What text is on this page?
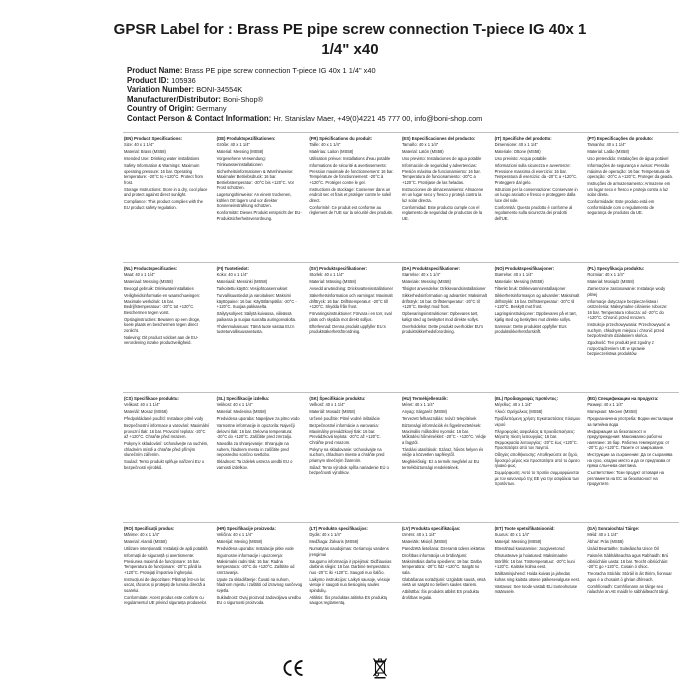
GPSR Label for : Brass PE pipe screw connection T-piece IG 40x 1
1/4" x40
Product Name: Brass PE pipe screw connection T-piece IG 40x 1 1/4" x40
Product ID: 105936
Variation Number: BONI-34554K
Manufacturer/Distributor: Boni-Shop®
Country of Origin: Germany
Contact Person & Contact Information: Hr. Stanislav Maer, +49(0)4221 45 777 00, info@boni-shop.com
(EN) Product Specifications:

Size: 40 x 1 1/4"

Material: Brass (MS58)

Intended Use: Drinking water installations

Safety Information & Warnings: Maximum operating pressure: 16 bar. Operating temperature: -20°C to +120°C. Protect from frost.

Storage Instructions: Store in a dry, cool place and protect against direct sunlight.

Compliance: This product complies with the EU product safety regulation.

(DE) Produktspezifikationen:

Größe: 40 x 1 1/4"

Material: Messing (MS58)

Vorgesehene Verwendung: Trinkwasserinstallationen

Sicherheitsinformationen & Warnhinweise: Maximaler Betriebsdruck: 16 bar. Betriebstemperatur: -20°C bis +120°C. Vor Frost schützen.

Lagerungshinweise: An einem trockenen, kühlen Ort lagern und vor direkter Sonneneinstrahlung schützen.

Konformität: Dieses Produkt entspricht der EU-Produktsicherheitsverordnung.

(FR) Spécifications du produit:

Taille: 40 x 1 1/4"

Matériau: Laiton (MS58)

Utilisation prévue: Installations d'eau potable

Informations de sécurité & avertissements: Pression maximale de fonctionnement: 16 bar. Température de fonctionnement: -20°C à +120°C. Protéger contre le gel.

Instructions de stockage: Conserver dans un endroit sec et frais et protéger contre le soleil direct.

Conformité: Ce produit est conforme au règlement de l'UE sur la sécurité des produits.

(ES) Especificaciones del producto:

Tamaño: 40 x 1 1/4"

Material: Latón (MS58)

Uso previsto: Instalaciones de agua potable

Información de seguridad y advertencias: Presión máxima de funcionamiento: 16 bar. Temperatura de funcionamiento: -20°C a +120°C. Protéjase de las heladas.

Instrucciones de almacenamiento: Almacene en un lugar seco y fresco y protejá contra la luz solar directa.

Conformidad: Este producto cumple con el reglamento de seguridad de productos de la UE.

(IT) Specifiche del prodotto:

Dimensione: 40 x 1 1/4"

Materiale: Ottone (MS58)

Uso previsto: Acqua potabile

Informazioni sulla sicurezza e avvertenze: Pressione massima di esercizio: 16 bar. Temperatura di esercizio: da -20°C a +120°C. Proteggere dal gelo.

Istruzioni per la conservazione: Conservare in un luogo asciutto e fresco e proteggere dalla luce del sole.

Conformità: Questo prodotto è conforme al regolamento sulla sicurezza dei prodotti dell'UE.

(PT) Especificações do produto:

Tamanho: 40 x 1 1/4"

Material: Latão (MS58)

Uso pretendido: Instalações de água potável

Informações de segurança e avisos: Pressão máxima de operação: 16 bar. Temperatura de operação: -20°C a +120°C. Proteger da geada.

Instruções de armazenamento: Armazene em um lugar seco e fresco e proteja contra a luz solar direta.

Conformidade: Este produto está em conformidade com o regulamento de segurança de produtos da UE.

(NL) Productspecificaties:

Maat: 40 x 1 1/4"

Materiaal: Messing (MS58)

Beoogd gebruik: Drinkwaterinstallaties

Veiligheidsinformatie en waarschuwingen: Maximale werkdruk: 16 bar. Bedrijfstemperatuur: -20°C tot +120°C. Beschermen tegen vorst.

Opslaginstructies: Bewaren op een droge, koele plaats en beschermen tegen direct zonlicht.

Naleving: Dit product voldoet aan de EU-verordening inzake productveiligheid.

(FI) Tuotetiedot:

Koko: 40 x 1 1/4"

Materiaali: Messinki (MS58)

Tarkoitettu käyttö: Vesijohtoasennukset

Turvallisuustiedot ja varoitukset: Maksimi käyttöpaine: 16 bar. Käyttölämpötila: -20°C - +120°C. Suojaa pakkaselta.

Säilytysohjeet: Säilytä kuivassa, viileässä paikassa ja suojaa suoralta auringonvalolta.

Yhdenmukaisuus: Tämä tuote vastaa EU:n tuoteturvallisuusasetusta.

(SV) Produktspecifikationer:

Storlek: 40 x 1 1/4"

Material: Mässing (MS58)

Avsedd användning: Dricksvatteninstallationer

Säkerhetsinformation och varningar: Maximalt drifttryck: 16 bar. Driftstemperatur: -20°C till +120°C. Skydda från frost.

Förvaringsinstruktioner: Förvara i en torr, sval plats och skydda mot direkt solljus.

Efterlevnad: Denna produkt uppfyller EU:s produktsäkerhetsförordning.

(DA) Produktspecifikationer:

Størrelse: 40 x 1 1/4"

Materiale: Messing (MS58)

Tilsigtet anvendelse: Drikkevandsinstallationer

Sikkerhedsinformation og advarsler: Maksimalt driftstryk: 16 bar. Driftstemperatur: -20°C til +120°C. Beskyt mod frost.

Opbevaringsinstruktioner: Opbevares tørt, køligt sted og beskyttet mod direkte sollys.

Overholdelse: Dette produkt overholder EU's produktsikkerhedsforordning.

(NO) Produktspesifikasjoner:

Størrelse: 40 x 1 1/4"

Materiale: Messing (MS58)

Tiltenkt bruk: Drikkevannsinstallasjoner

Sikkerhetsinformasjon og advarsler: Maksimalt driftstrykk: 16 bar. Driftstemperatur: -20°C til +120°C. Beskytt mot frost.

Lagringsinstruksjoner: Oppbevares på et tørt, kjølig sted og beskyttes mot direkte sollys.

Samsvar: Dette produktet oppfyller EUs produktsikkerhetsforskrift.

(PL) Specyfikacja produktu:

Rozmiar: 40 x 1 1/4"

Materiał: Mosiądz (MS58)

Zamierzone zastosowanie: Instalacje wody pitnej

Informacje dotyczące bezpieczeństwa i ostrzeżenia: Maksymalne ciśnienie robocze: 16 bar. Temperatura robocza: od -20°C do +120°C. Chronić przed mrozem.

Instrukcje przechowywania: Przechowywać w suchym, chłodnym miejscu i chronić przed bezpośrednim działaniem słońca.

Zgodność: Ten produkt jest zgodny z rozporządzeniem UE w sprawie bezpieczeństwa produktów.

(CS) Specifikace produktu:

Velikost: 40 x 1 1/4"

Materiál: Mosaz (MS58)

Předpokládané použití: Instalace pitné vody

Bezpečnostní informace a varování: Maximální provozní tlak: 16 bar. Provozní teplota: -20°C až +120°C. Chraňte před mrazem.

Pokyny k skladování: Uchovávejte na suchém, chladném místě a chraňte před přímým slunečním zářením.

Soulad: Tento produkt splňuje nařízení EU o bezpečnosti výrobků.

(SL) Specifikacije izdelka:

Velikost: 40 x 1 1/4"

Material: Medenina (MS58)

Predvidena uporaba: Napeljave za pitno vodo

Varnostne informacije in opozorila: Največji delovni tlak: 16 bar. Delovna temperatura: -20°C do +120°C. Zaščitite pred zmrzaljo.

Navodila za shranjevanje: Shranjujte na suhem, hladnem mestu in zaščitite pred neposredno sončno svetlobo.

Skladnost: Ta izdelek ustreza uredbi EU o varnosti izdelkov.

(SK) Špecifikácie produktu:

Veľkosť: 40 x 1 1/4"

Materiál: Mosadz (MS58)

Určené použitie: Pitné vodné inštalácie

Bezpečnostné informácie a varovania: Maximálny prevádzkový tlak: 16 bar. Prevádzková teplota: -20°C až +120°C. Chráňte pred mrazom.

Pokyny na skladovanie: Uchovávajte na suchom, chladnom mieste a chráňte pred priamym slnečným žiarením.

Súlad: Tento výrobok spĺňa nariadenie EÚ o bezpečnosti výrobkov.

(HU) Termékjellemzők:

Méret: 40 x 1 1/4"

Anyag: Sárgaréz (MS58)

Tervezett felhasználás: Ivóvíz telepítések

Biztonsági információk és figyelmeztetések: Maximális működési nyomás: 16 bar. Működési hőmérséklet: -20°C - +120°C. Védje a fagytól.

Tárolási utasítások: Száraz, hűvös helyen és védje a közvetlen napfénytől.

Megfelelőség: Ez a termék megfelel az EU termékbiztonsági rendeletének.

(EL) Προδιαγραφές προϊόντος:

Μέγεθος: 40 x 1 1/4"

Υλικό: Ορείχαλκος (MS58)

Προβλεπόμενη χρήση: Εγκαταστάσεις πόσιμου νερού

Πληροφορίες ασφαλείας & προειδοποιήσεις: Μέγιστη πίεση λειτουργίας: 16 bar. Θερμοκρασία λειτουργίας: -20°C έως +120°C. Προστατέψτε από τον παγετό.

Οδηγίες αποθήκευσης: Αποθηκεύστε σε ξηρό, δροσερό μέρος και προστατέψτε από το άμεσο ηλιακό φως.

Συμμόρφωση: Αυτό το προϊόν συμμορφώνεται με τον κανονισμό της ΕΕ για την ασφάλεια των προϊόντων.

(BG) Спецификации на продукта:

Размер: 40 x 1 1/4"

Материал: Месинг (MS58)

Предназначена употреба: Водни инсталации за питейна вода

Информация за безопасност и предупреждения: Максимално работно налягане: 16 бар. Работна температура: от -20°C до +120°C. Пазете от замръзване.

Инструкции за съхранение: Да се съхранява на сухо, хладно място и да се предпазва от пряка слънчева светлина.

Съответствие: Този продукт отговаря на регламента на ЕС за безопасност на продуктите.

(RO) Specificații produs:

Mărime: 40 x 1 1/4"

Material: Alamă (MS58)

Utilizare intenționată: Instalații de apă potabilă

Informații de siguranță și avertismente: Presiunea maximă de funcționare: 16 bar. Temperatura de funcționare: -20°C până la +120°C. Protejați împotriva înghețului.

Instrucțiuni de depozitare: Păstrați într-un loc uscat, răcoros și protejați de lumina directă a soarelui.

Conformitate: Acest produs este conform cu regulamentul UE privind siguranța produselor.

(HR) Specifikacije proizvoda:

Veličina: 40 x 1 1/4"

Materijal: Mesing (MS58)

Predviđena uporaba: Instalacije pitke vode

Sigurnosne informacije i upozorenja: Maksimalni radni tlak: 16 bar. Radna temperatura: -20°C do +120°C. Zaštitite od smrzavanja.

Upute za skladištenje: Čuvati na suhom, hladnom mjestu i zaštititi od izravnog sunčevog svjetla.

Sukladnost: Ovaj proizvod zadovoljava uredbu EU o sigurnosti proizvoda.

(LT) Produkto specifikacijos:

Dydis: 40 x 1 1/4"

Medžiaga: Žalvaris (MS58)

Numatytas naudojimas: Geriamojo vandens įrengimai

Saugumo informacija ir įspėjimai: Didžiausias darbinis slėgis: 16 bar. Darbinė temperatūra: nuo -20°C iki +120°C. Saugoti nuo šalčio.

Laikymo instrukcijos: Laikyti sausoje, vėsioje vietoje ir saugoti nuo tiesioginių saulės spindulių.

Atitiktis: Šis produktas atitinka ES produktų saugos reglamentą.

(LV) Produkta specifikācijas:

Izmērs: 40 x 1 1/4"

Materiāls: Misiņš (MS58)

Paredzētā lietošana: Dzeramā ūdens iekārtas

Drošības informācija un brīdinājumi: Maksimālais darba spiediens: 16 bar. Darba temperatūra: -20°C līdz +120°C. Sargāt no sala.

Glabāšanas norādījumi: Uzglabāt sausā, vēsā vietā un sargāt no tiešiem saules stariem.

Atbilstība: Šis produkts atbilst ES produktu drošības regulai.

(ET) Toote spetsifikatsioonid:

Suurus: 40 x 1 1/4"

Materjal: Messing (MS58)

Ettenähtud kasutamine: Joogiveetorud

Ohutusteave ja hoiatused: Maksimaalne töörõhk: 16 bar. Töötemperatuur: -20°C kuni +120°C. Kaitske külma eest.

Säilitamisjuhend: Hoida kuivas ja jahedas kohas ning kaitsta otsese päikesevalguse eest.

Vastavus: See toode vastab ELi tooteohutuse määrusele.

(GA) Sonraíochtaí Táirge:

Méid: 40 x 1 1/4"

Ábhar: Prás (MS58)

Úsáid Beartaithe: Suiteálacha Uisce Óil

Faisnéis Sábháilteachta agus Rabhaidh: Brú oibriúcháin uasta: 16 bar. Teocht oibriúcháin: -20°C go +120°C. Cosain ó shioc.

Treoracha Stórála: Stóráil in áit thirim, fionnuar agus é a chosaint ó ghrian dhíreach.

Comhlíonadh: Comhlíonann an táirge seo rialachán an AE maidir le sábháilteacht táirgí.
